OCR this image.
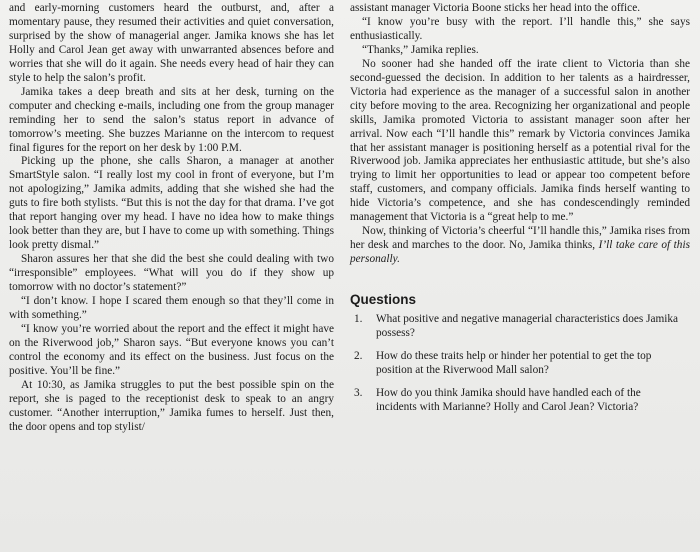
and early-morning customers heard the outburst, and, after a momentary pause, they resumed their activities and quiet conversation, surprised by the show of managerial anger. Jamika knows she has let Holly and Carol Jean get away with unwarranted absences before and worries that she will do it again. She needs every head of hair they can style to help the salon’s profit.

Jamika takes a deep breath and sits at her desk, turning on the computer and checking e-mails, including one from the group manager reminding her to send the salon’s status report in advance of tomorrow’s meeting. She buzzes Marianne on the intercom to request final figures for the report on her desk by 1:00 P.M.

Picking up the phone, she calls Sharon, a manager at another SmartStyle salon. “I really lost my cool in front of everyone, but I’m not apologizing,” Jamika admits, adding that she wished she had the guts to fire both stylists. “But this is not the day for that drama. I’ve got that report hanging over my head. I have no idea how to make things look better than they are, but I have to come up with something. Things look pretty dismal.”

Sharon assures her that she did the best she could dealing with two “irresponsible” employees. “What will you do if they show up tomorrow with no doctor’s statement?”

“I don’t know. I hope I scared them enough so that they’ll come in with something.”

“I know you’re worried about the report and the effect it might have on the Riverwood job,” Sharon says. “But everyone knows you can’t control the economy and its effect on the business. Just focus on the positive. You’ll be fine.”

At 10:30, as Jamika struggles to put the best possible spin on the report, she is paged to the receptionist desk to speak to an angry customer. “Another interruption,” Jamika fumes to herself. Just then, the door opens and top stylist/

assistant manager Victoria Boone sticks her head into the office.

“I know you’re busy with the report. I’ll handle this,” she says enthusiastically.

“Thanks,” Jamika replies.

No sooner had she handed off the irate client to Victoria than she second-guessed the decision. In addition to her talents as a hairdresser, Victoria had experience as the manager of a successful salon in another city before moving to the area. Recognizing her organizational and people skills, Jamika promoted Victoria to assistant manager soon after her arrival. Now each “I’ll handle this” remark by Victoria convinces Jamika that her assistant manager is positioning herself as a potential rival for the Riverwood job. Jamika appreciates her enthusiastic attitude, but she’s also trying to limit her opportunities to lead or appear too competent before staff, customers, and company officials. Jamika finds herself wanting to hide Victoria’s competence, and she has condescendingly reminded management that Victoria is a “great help to me.”

Now, thinking of Victoria’s cheerful “I’ll handle this,” Jamika rises from her desk and marches to the door. No, Jamika thinks, I’ll take care of this personally.

Questions
1.	What positive and negative managerial characteristics does Jamika possess?
2.	How do these traits help or hinder her potential to get the top position at the Riverwood Mall salon?
3.	How do you think Jamika should have handled each of the incidents with Marianne? Holly and Carol Jean? Victoria?
